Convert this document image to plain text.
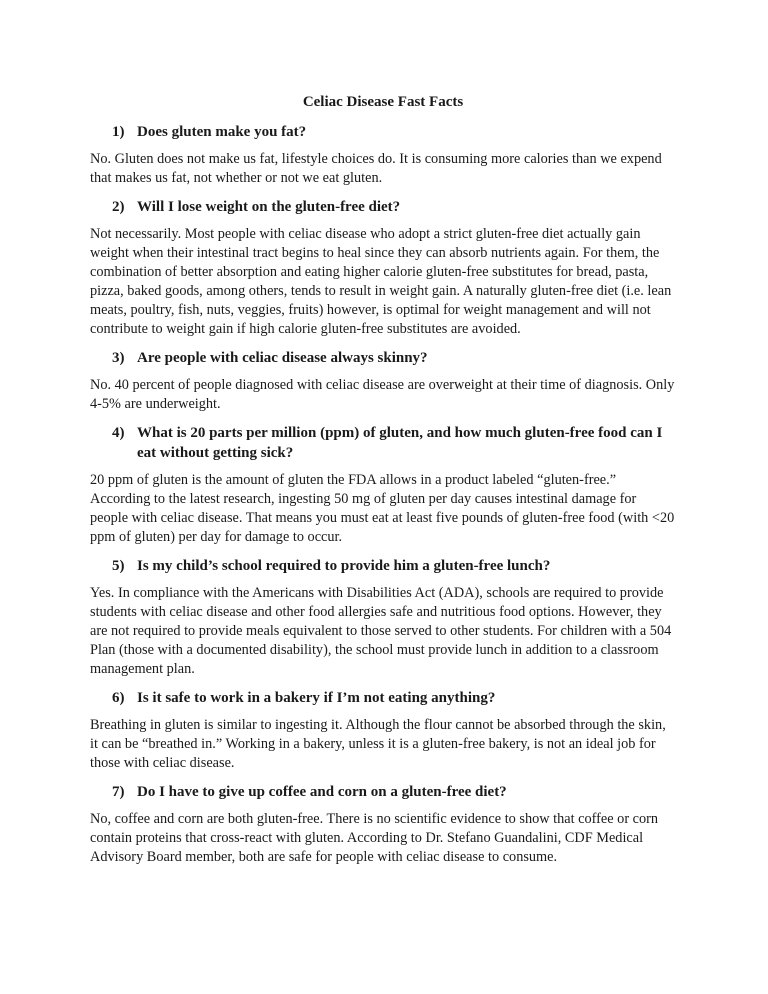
Celiac Disease Fast Facts
1) Does gluten make you fat?

No. Gluten does not make us fat, lifestyle choices do. It is consuming more calories than we expend that makes us fat, not whether or not we eat gluten.

2) Will I lose weight on the gluten-free diet?

Not necessarily. Most people with celiac disease who adopt a strict gluten-free diet actually gain weight when their intestinal tract begins to heal since they can absorb nutrients again. For them, the combination of better absorption and eating higher calorie gluten-free substitutes for bread, pasta, pizza, baked goods, among others, tends to result in weight gain. A naturally gluten-free diet (i.e. lean meats, poultry, fish, nuts, veggies, fruits) however, is optimal for weight management and will not contribute to weight gain if high calorie gluten-free substitutes are avoided.

3) Are people with celiac disease always skinny?

No. 40 percent of people diagnosed with celiac disease are overweight at their time of diagnosis. Only 4-5% are underweight.

4) What is 20 parts per million (ppm) of gluten, and how much gluten-free food can I eat without getting sick?

20 ppm of gluten is the amount of gluten the FDA allows in a product labeled “gluten-free.” According to the latest research, ingesting 50 mg of gluten per day causes intestinal damage for people with celiac disease. That means you must eat at least five pounds of gluten-free food (with <20 ppm of gluten) per day for damage to occur.

5) Is my child’s school required to provide him a gluten-free lunch?

Yes. In compliance with the Americans with Disabilities Act (ADA), schools are required to provide students with celiac disease and other food allergies safe and nutritious food options. However, they are not required to provide meals equivalent to those served to other students. For children with a 504 Plan (those with a documented disability), the school must provide lunch in addition to a classroom management plan.

6) Is it safe to work in a bakery if I’m not eating anything?

Breathing in gluten is similar to ingesting it. Although the flour cannot be absorbed through the skin, it can be “breathed in.” Working in a bakery, unless it is a gluten-free bakery, is not an ideal job for those with celiac disease.

7) Do I have to give up coffee and corn on a gluten-free diet?

No, coffee and corn are both gluten-free. There is no scientific evidence to show that coffee or corn contain proteins that cross-react with gluten. According to Dr. Stefano Guandalini, CDF Medical Advisory Board member, both are safe for people with celiac disease to consume.
